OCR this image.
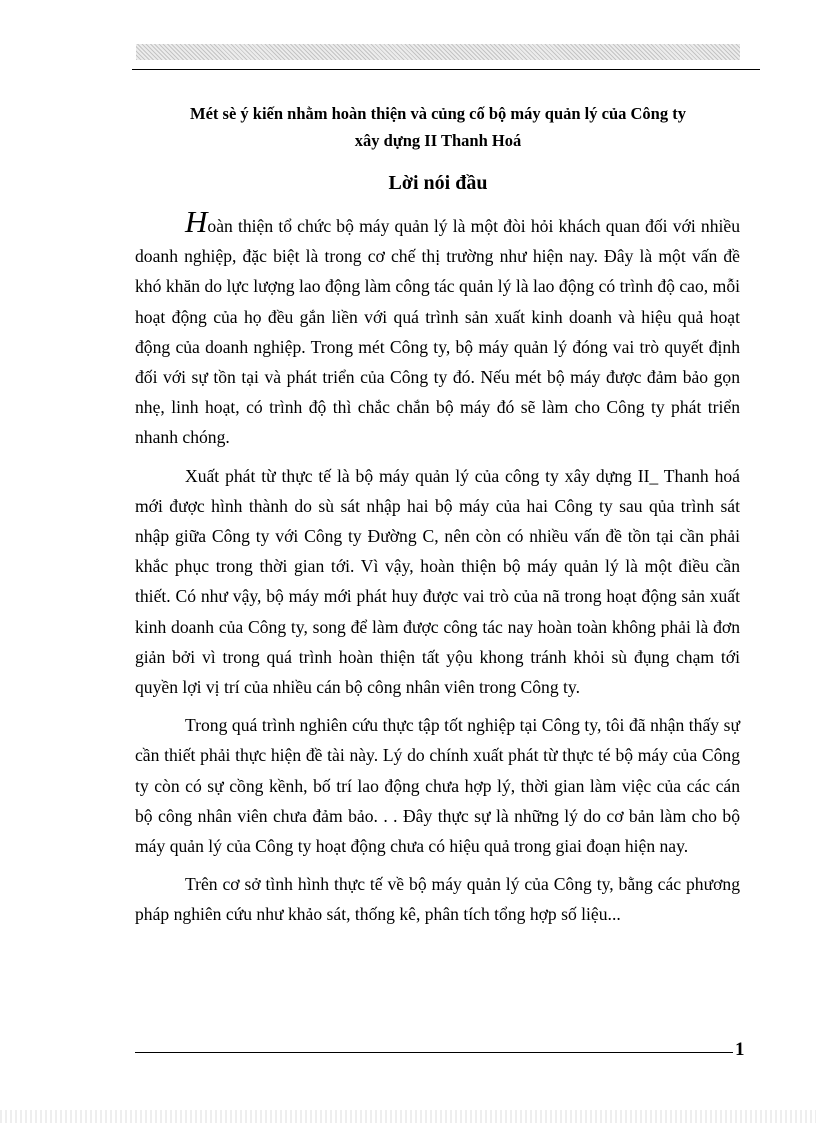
Mét sè ý kiến nhằm hoàn thiện và củng cố bộ máy quản lý của Công ty
xây dựng II Thanh Hoá
Lời nói đầu

Hoàn thiện tổ chức bộ máy quản lý là một đòi hỏi khách quan đối với nhiều doanh nghiệp, đặc biệt là trong cơ chế thị trường như hiện nay. Đây là một vấn đề khó khăn do lực lượng lao động làm công tác quản lý là lao động có trình độ cao, mỗi hoạt động của họ đều gắn liền với quá trình sản xuất kinh doanh và hiệu quả hoạt động của doanh nghiệp. Trong mét Công ty, bộ máy quản lý đóng vai trò quyết định đối với sự tồn tại và phát triển của Công ty đó. Nếu mét bộ máy được đảm bảo gọn nhẹ, linh hoạt, có trình độ thì chắc chắn bộ máy đó sẽ làm cho Công ty phát triển nhanh chóng.

Xuất phát từ thực tế là bộ máy quản lý của công ty xây dựng II_ Thanh hoá mới được hình thành do sù sát nhập hai bộ máy của hai Công ty sau qủa trình sát nhập giữa Công ty với Công ty Đường C, nên còn có nhiều vấn đề tồn tại cần phải khắc phục trong thời gian tới. Vì vậy, hoàn thiện bộ máy quản lý là một điều cần thiết. Có như vậy, bộ máy mới phát huy được vai trò của nã trong hoạt động sản xuất kinh doanh của Công ty, song để làm được công tác nay hoàn toàn không phải là đơn giản bởi vì trong quá trình hoàn thiện tất yộu khong tránh khỏi sù đụng chạm tới quyền lợi vị trí của nhiều cán bộ công nhân viên trong Công ty.

Trong quá trình nghiên cứu thực tập tốt nghiệp tại Công ty, tôi đã nhận thấy sự cần thiết phải thực hiện đề tài này. Lý do chính xuất phát từ thực té bộ máy của Công ty còn có sự cồng kềnh, bố trí lao động chưa hợp lý, thời gian làm việc của các cán bộ công nhân viên chưa đảm bảo. . . Đây thực sự là những lý do cơ bản làm cho bộ máy quản lý của Công ty hoạt động chưa có hiệu quả trong giai đoạn hiện nay.

Trên cơ sở tình hình thực tế về bộ máy quản lý của Công ty, bằng các phương pháp nghiên cứu như khảo sát, thống kê, phân tích tổng hợp số liệu...

1
